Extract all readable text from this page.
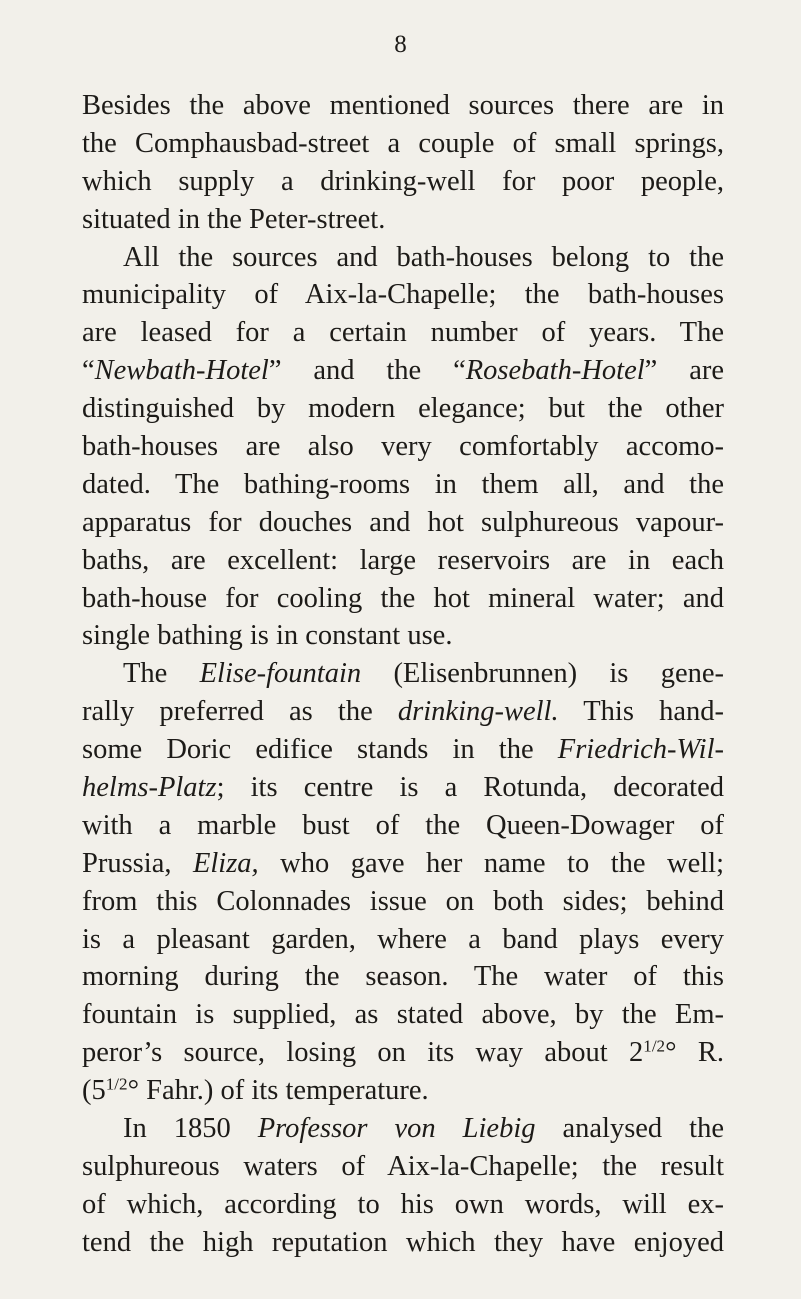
8
Besides the above mentioned sources there are in
the Comphausbad-street a couple of small springs,
which supply a drinking-well for poor people,
situated in the Peter-street.
All the sources and bath-houses belong to the
municipality of Aix-la-Chapelle; the bath-houses
are leased for a certain number of years. The
“Newbath-Hotel” and the “Rosebath-Hotel” are
distinguished by modern elegance; but the other
bath-houses are also very comfortably accomo-
dated. The bathing-rooms in them all, and the
apparatus for douches and hot sulphureous vapour-
baths, are excellent: large reservoirs are in each
bath-house for cooling the hot mineral water; and
single bathing is in constant use.
The Elise-fountain (Elisenbrunnen) is gene-
rally preferred as the drinking-well. This hand-
some Doric edifice stands in the Friedrich-Wil-
helms-Platz; its centre is a Rotunda, decorated
with a marble bust of the Queen-Dowager of
Prussia, Eliza, who gave her name to the well;
from this Colonnades issue on both sides; behind
is a pleasant garden, where a band plays every
morning during the season. The water of this
fountain is supplied, as stated above, by the Em-
peror’s source, losing on its way about $2^{1/2}^\circ$ R.
($5^{1/2}^\circ$ Fahr.) of its temperature.
In 1850 Professor von Liebig analysed the
sulphureous waters of Aix-la-Chapelle; the result
of which, according to his own words, will ex-
tend the high reputation which they have enjoyed
